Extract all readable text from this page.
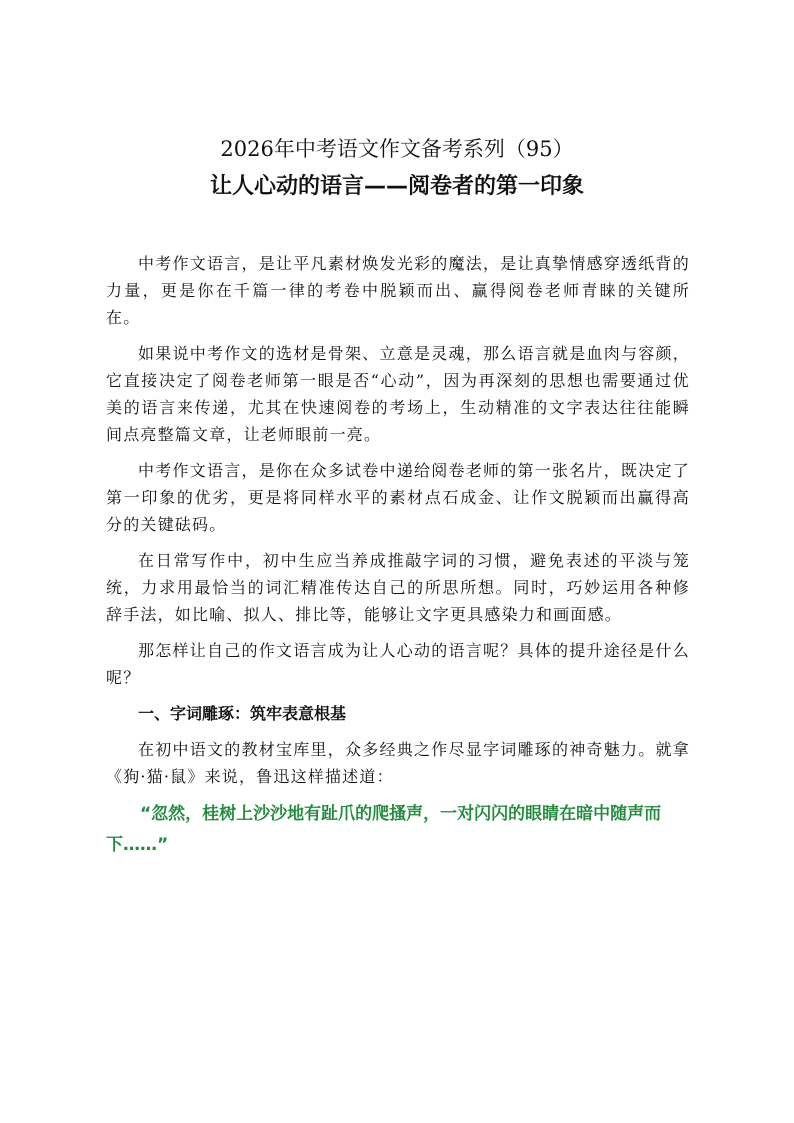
2026年中考语文作文备考系列（95）
让人心动的语言——阅卷者的第一印象

中考作文语言，是让平凡素材焕发光彩的魔法，是让真挚情感穿透纸背的力量，更是你在千篇一律的考卷中脱颖而出、赢得阅卷老师青睐的关键所在。

如果说中考作文的选材是骨架、立意是灵魂，那么语言就是血肉与容颜，它直接决定了阅卷老师第一眼是否“心动”，因为再深刻的思想也需要通过优美的语言来传递，尤其在快速阅卷的考场上，生动精准的文字表达往往能瞬间点亮整篇文章，让老师眼前一亮。

中考作文语言，是你在众多试卷中递给阅卷老师的第一张名片，既决定了第一印象的优劣，更是将同样水平的素材点石成金、让作文脱颖而出赢得高分的关键砝码。

在日常写作中，初中生应当养成推敲字词的习惯，避免表述的平淡与笼统，力求用最恰当的词汇精准传达自己的所思所想。同时，巧妙运用各种修辞手法，如比喻、拟人、排比等，能够让文字更具感染力和画面感。

那怎样让自己的作文语言成为让人心动的语言呢？具体的提升途径是什么呢？

一、字词雕琢：筑牢表意根基

在初中语文的教材宝库里，众多经典之作尽显字词雕琢的神奇魅力。就拿《狗·猫·鼠》来说，鲁迅这样描述道：

“忽然，桂树上沙沙地有趾爪的爬搔声，一对闪闪的眼睛在暗中随声而下……”
